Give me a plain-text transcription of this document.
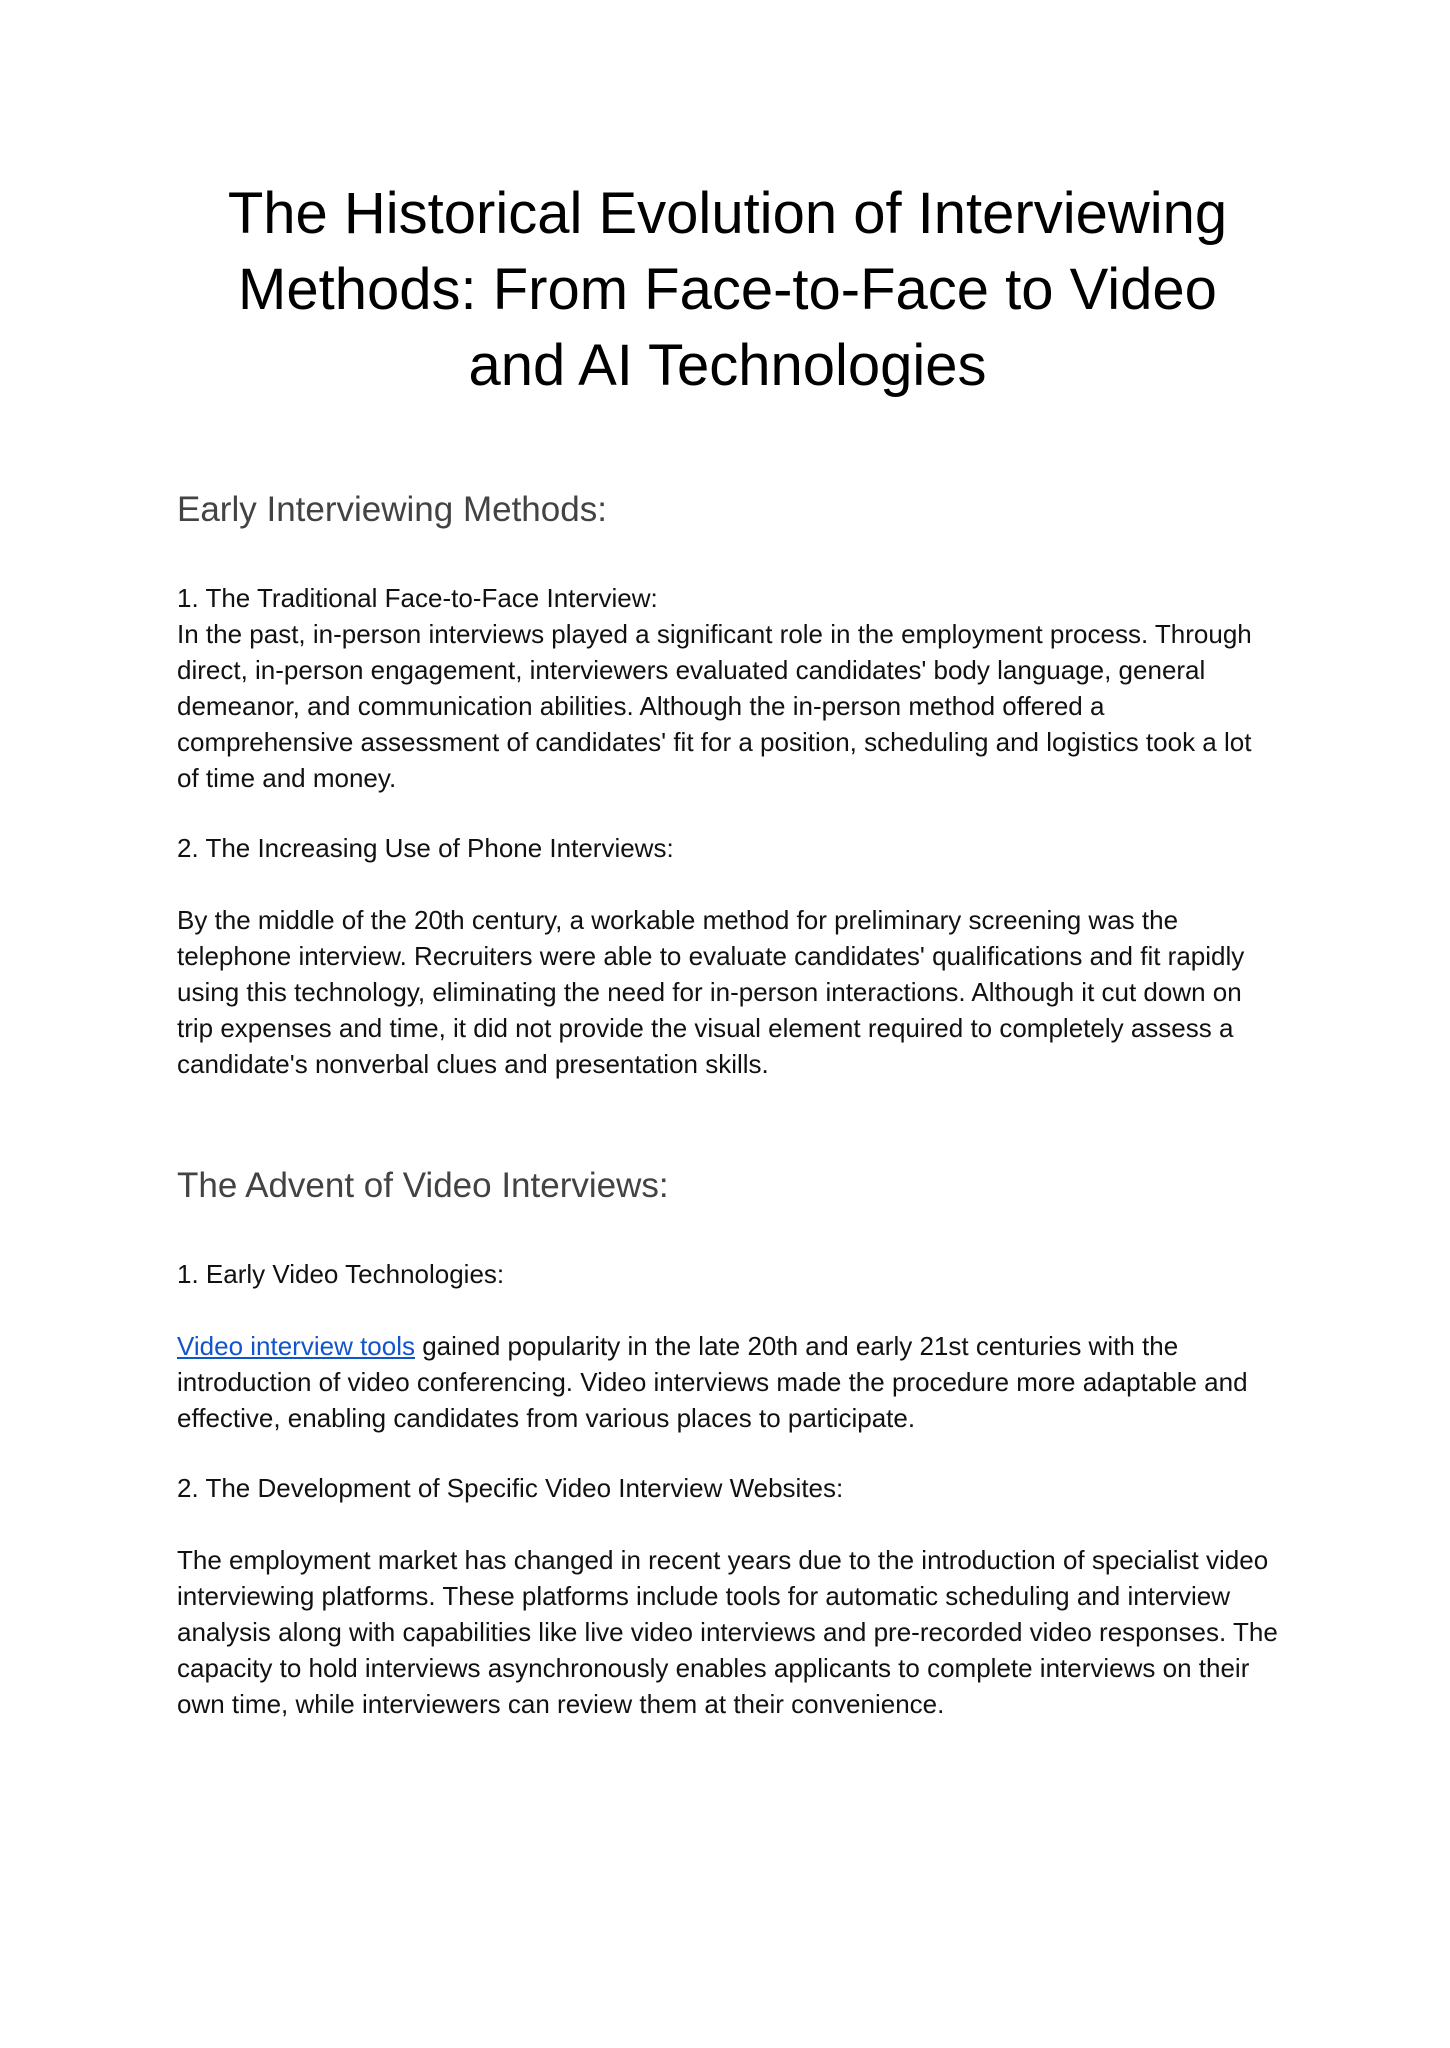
The Historical Evolution of Interviewing Methods: From Face-to-Face to Video and AI Technologies
Early Interviewing Methods:

1. The Traditional Face-to-Face Interview:

In the past, in-person interviews played a significant role in the employment process. Through direct, in-person engagement, interviewers evaluated candidates' body language, general demeanor, and communication abilities. Although the in-person method offered a comprehensive assessment of candidates' fit for a position, scheduling and logistics took a lot of time and money.

2. The Increasing Use of Phone Interviews:

By the middle of the 20th century, a workable method for preliminary screening was the telephone interview. Recruiters were able to evaluate candidates' qualifications and fit rapidly using this technology, eliminating the need for in-person interactions. Although it cut down on trip expenses and time, it did not provide the visual element required to completely assess a candidate's nonverbal clues and presentation skills.

The Advent of Video Interviews:

1. Early Video Technologies:

Video interview tools gained popularity in the late 20th and early 21st centuries with the introduction of video conferencing. Video interviews made the procedure more adaptable and effective, enabling candidates from various places to participate.

2. The Development of Specific Video Interview Websites:

The employment market has changed in recent years due to the introduction of specialist video interviewing platforms. These platforms include tools for automatic scheduling and interview analysis along with capabilities like live video interviews and pre-recorded video responses. The capacity to hold interviews asynchronously enables applicants to complete interviews on their own time, while interviewers can review them at their convenience.
